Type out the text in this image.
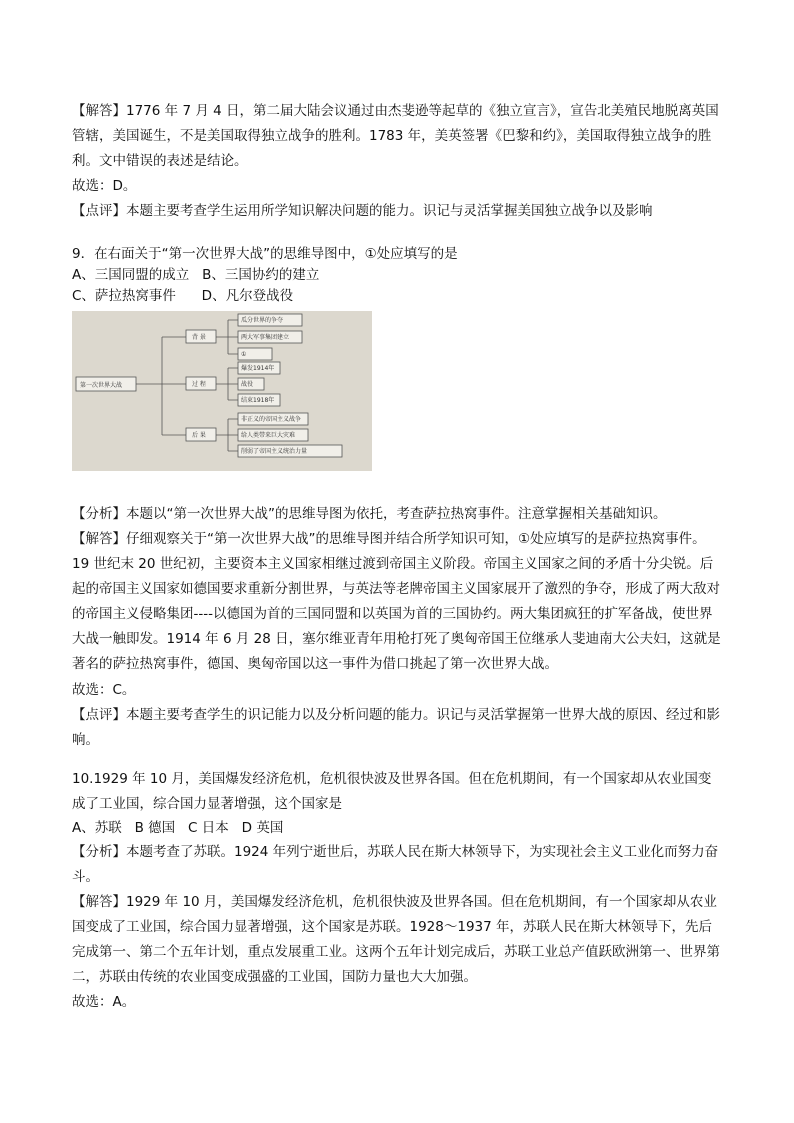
【解答】1776 年 7 月 4 日，第二届大陆会议通过由杰斐逊等起草的《独立宣言》，宣告北美殖民地脱离英国管辖，美国诞生，不是美国取得独立战争的胜利。1783 年，美英签署《巴黎和约》，美国取得独立战争的胜利。文中错误的表述是结论。

故选：D。

【点评】本题主要考查学生运用所学知识解决问题的能力。识记与灵活掌握美国独立战争以及影响

9．在右面关于“第一次世界大战”的思维导图中，①处应填写的是

A、三国同盟的成立   B、三国协约的建立

C、萨拉热窝事件      D、凡尔登战役

第一次世界大战
背 景
过 程
后 果
瓜分世界的争夺
两大军事集团建立
①
爆发1914年
战役
结束1918年
非正义的帝国主义战争
给人类带来巨大灾难
削弱了帝国主义统治力量

【分析】本题以“第一次世界大战”的思维导图为依托，考查萨拉热窝事件。注意掌握相关基础知识。

【解答】仔细观察关于“第一次世界大战”的思维导图并结合所学知识可知，①处应填写的是萨拉热窝事件。19 世纪末 20 世纪初，主要资本主义国家相继过渡到帝国主义阶段。帝国主义国家之间的矛盾十分尖锐。后起的帝国主义国家如德国要求重新分割世界，与英法等老牌帝国主义国家展开了激烈的争夺，形成了两大敌对的帝国主义侵略集团----以德国为首的三国同盟和以英国为首的三国协约。两大集团疯狂的扩军备战，使世界大战一触即发。1914 年 6 月 28 日，塞尔维亚青年用枪打死了奥匈帝国王位继承人斐迪南大公夫妇，这就是著名的萨拉热窝事件，德国、奥匈帝国以这一事件为借口挑起了第一次世界大战。

故选：C。

【点评】本题主要考查学生的识记能力以及分析问题的能力。识记与灵活掌握第一世界大战的原因、经过和影响。

10.1929 年 10 月，美国爆发经济危机，危机很快波及世界各国。但在危机期间，有一个国家却从农业国变成了工业国，综合国力显著增强，这个国家是

A、苏联   B 德国   C 日本   D 英国

【分析】本题考查了苏联。1924 年列宁逝世后，苏联人民在斯大林领导下，为实现社会主义工业化而努力奋斗。

【解答】1929 年 10 月，美国爆发经济危机，危机很快波及世界各国。但在危机期间，有一个国家却从农业国变成了工业国，综合国力显著增强，这个国家是苏联。1928～1937 年，苏联人民在斯大林领导下，先后完成第一、第二个五年计划，重点发展重工业。这两个五年计划完成后，苏联工业总产值跃欧洲第一、世界第二，苏联由传统的农业国变成强盛的工业国，国防力量也大大加强。

故选：A。
